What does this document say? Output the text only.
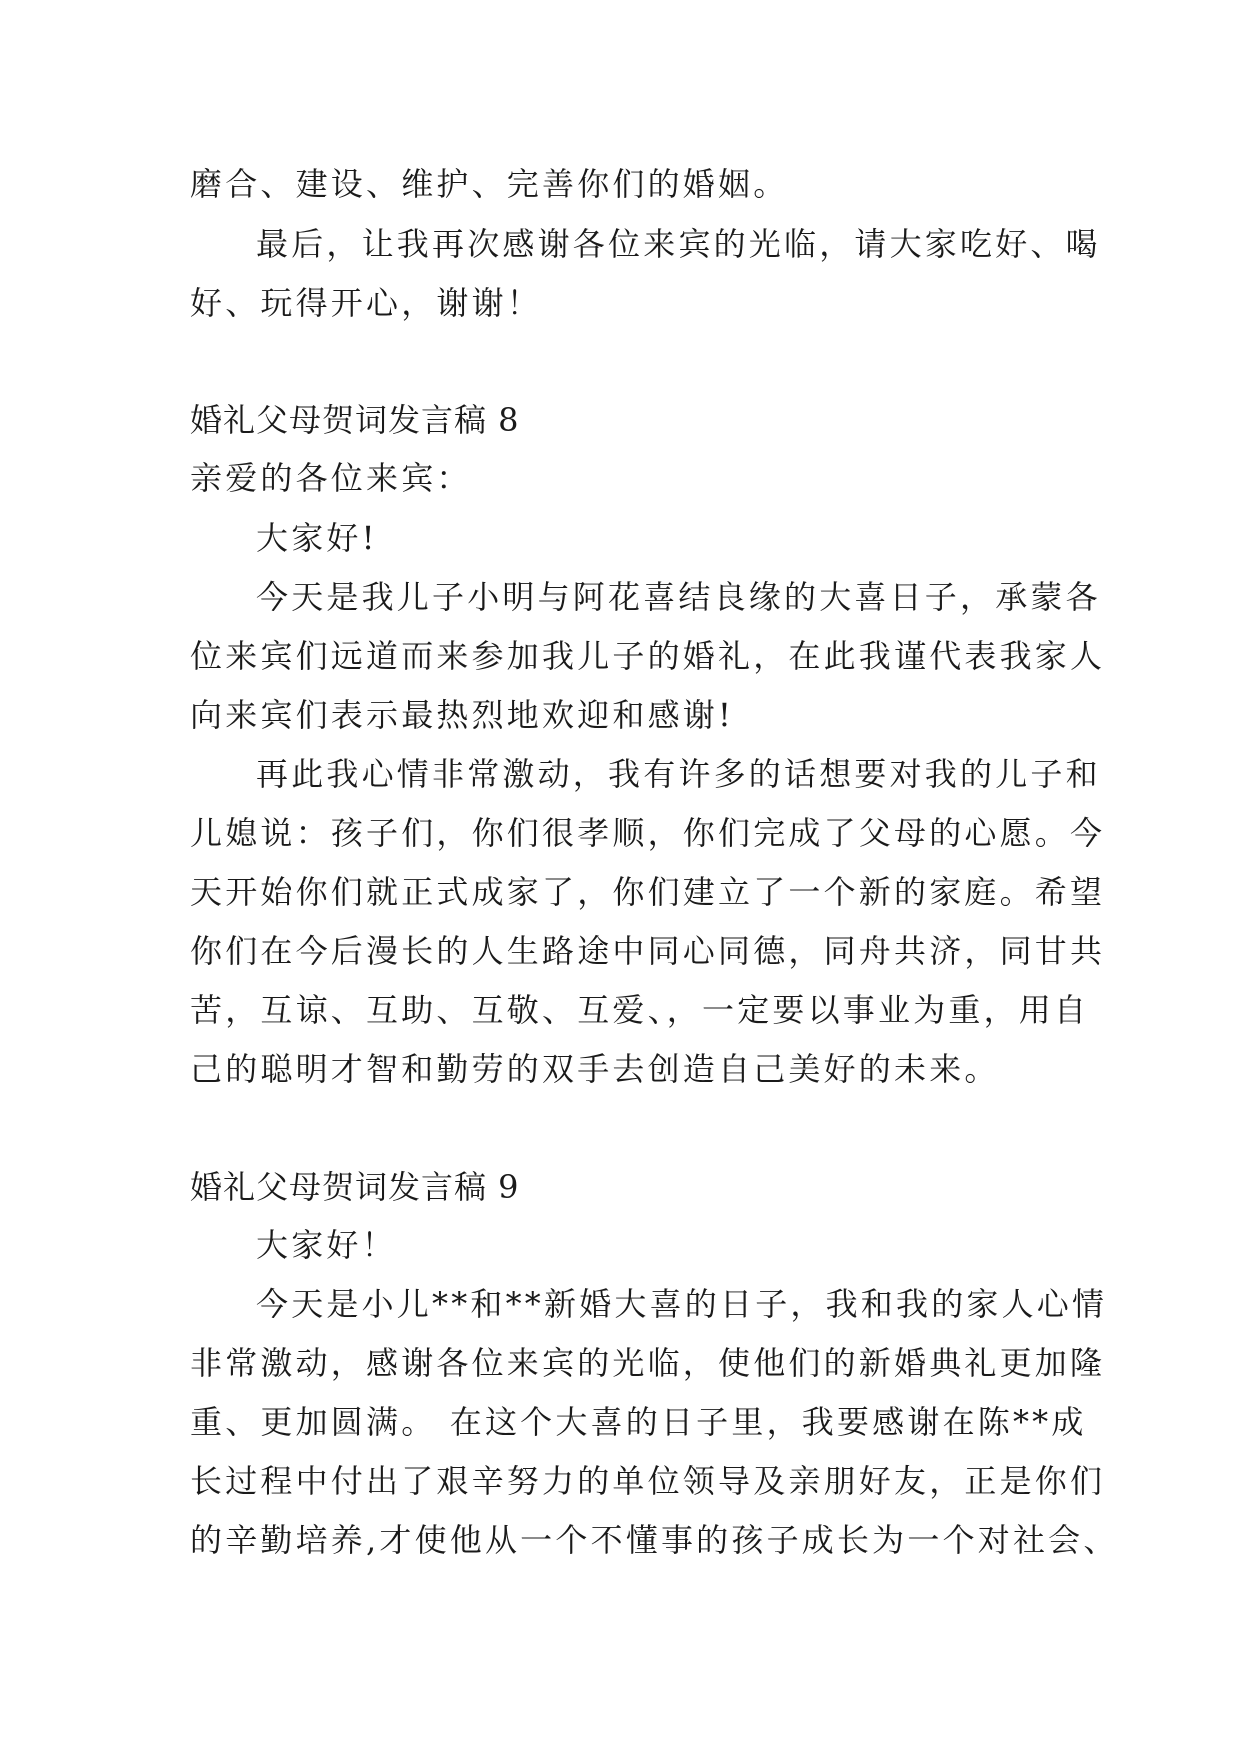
磨合、建设、维护、完善你们的婚姻。
最后，让我再次感谢各位来宾的光临，请大家吃好、喝
好、玩得开心，谢谢！
婚礼父母贺词发言稿 8
亲爱的各位来宾：
大家好!
今天是我儿子小明与阿花喜结良缘的大喜日子，承蒙各
位来宾们远道而来参加我儿子的婚礼，在此我谨代表我家人
向来宾们表示最热烈地欢迎和感谢!
再此我心情非常激动，我有许多的话想要对我的儿子和
儿媳说：孩子们，你们很孝顺，你们完成了父母的心愿。今
天开始你们就正式成家了，你们建立了一个新的家庭。希望
你们在今后漫长的人生路途中同心同德，同舟共济，同甘共
苦，互谅、互助、互敬、互爱、，一定要以事业为重，用自
己的聪明才智和勤劳的双手去创造自己美好的未来。
婚礼父母贺词发言稿 9
大家好！
今天是小儿**和**新婚大喜的日子，我和我的家人心情
非常激动，感谢各位来宾的光临，使他们的新婚典礼更加隆
重、更加圆满。 在这个大喜的日子里，我要感谢在陈**成
长过程中付出了艰辛努力的单位领导及亲朋好友，正是你们
的辛勤培养,才使他从一个不懂事的孩子成长为一个对社会、
